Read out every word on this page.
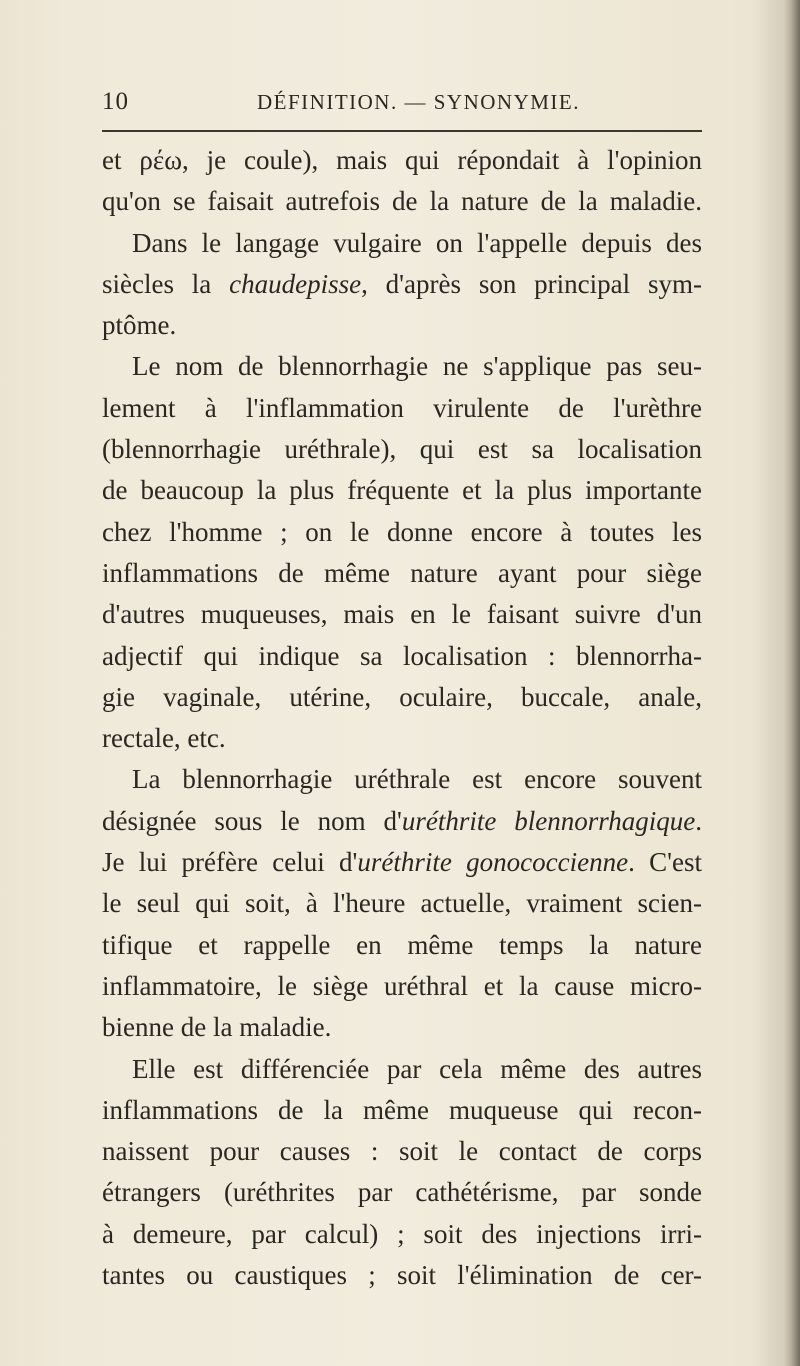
10	DÉFINITION. — SYNONYMIE.
et ρέω, je coule), mais qui répondait à l'opinion
qu'on se faisait autrefois de la nature de la maladie.
Dans le langage vulgaire on l'appelle depuis des
siècles la chaudepisse, d'après son principal sym-
ptôme.
Le nom de blennorrhagie ne s'applique pas seu-
lement à l'inflammation virulente de l'urèthre
(blennorrhagie uréthrale), qui est sa localisation
de beaucoup la plus fréquente et la plus importante
chez l'homme ; on le donne encore à toutes les
inflammations de même nature ayant pour siège
d'autres muqueuses, mais en le faisant suivre d'un
adjectif qui indique sa localisation : blennorrha-
gie vaginale, utérine, oculaire, buccale, anale,
rectale, etc.
La blennorrhagie uréthrale est encore souvent
désignée sous le nom d'uréthrite blennorrhagique.
Je lui préfère celui d'uréthrite gonococcienne. C'est
le seul qui soit, à l'heure actuelle, vraiment scien-
tifique et rappelle en même temps la nature
inflammatoire, le siège uréthral et la cause micro-
bienne de la maladie.
Elle est différenciée par cela même des autres
inflammations de la même muqueuse qui recon-
naissent pour causes : soit le contact de corps
étrangers (uréthrites par cathétérisme, par sonde
à demeure, par calcul) ; soit des injections irri-
tantes ou caustiques ; soit l'élimination de cer-
